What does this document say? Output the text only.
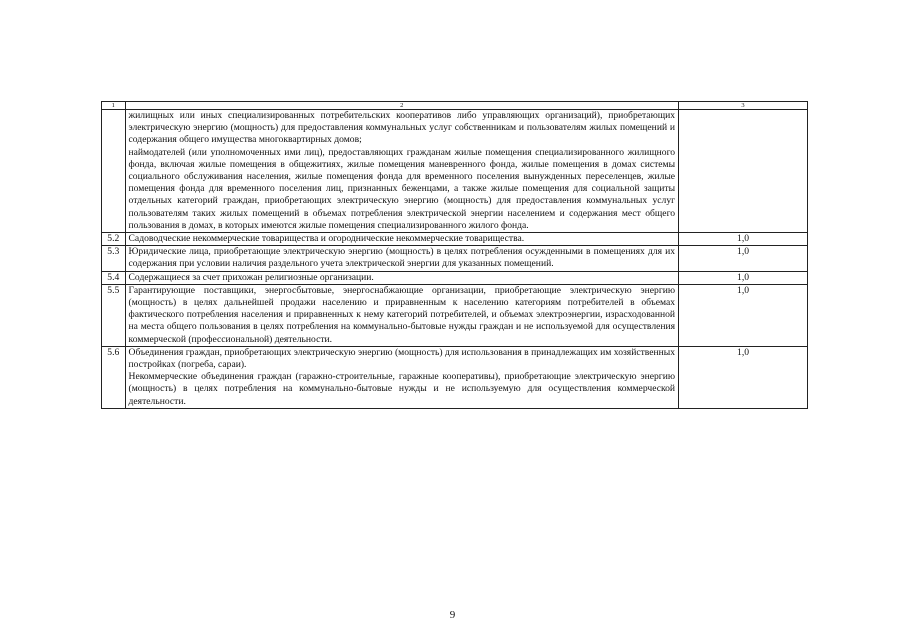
1	2	3

	жилищных или иных специализированных потребительских кооперативов либо управляющих организаций), приобретающих электрическую энергию (мощность) для предоставления коммунальных услуг собственникам и пользователям жилых помещений и содержания общего имущества многоквартирных домов;

наймодателей (или уполномоченных ими лиц), предоставляющих гражданам жилые помещения специализированного жилищного фонда, включая жилые помещения в общежитиях, жилые помещения маневренного фонда, жилые помещения в домах системы социального обслуживания населения, жилые помещения фонда для временного поселения вынужденных переселенцев, жилые помещения фонда для временного поселения лиц, признанных беженцами, а также жилые помещения для социальной защиты отдельных категорий граждан, приобретающих электрическую энергию (мощность) для предоставления коммунальных услуг пользователям таких жилых помещений в объемах потребления электрической энергии населением и содержания мест общего пользования в домах, в которых имеются жилые помещения специализированного жилого фонда.	

5.2	Садоводческие некоммерческие товарищества и огороднические некоммерческие товарищества.	1,0
5.3	Юридические лица, приобретающие электрическую энергию (мощность) в целях потребления осужденными в помещениях для их содержания при условии наличия раздельного учета электрической энергии для указанных помещений.	1,0
5.4	Содержащиеся за счет прихожан религиозные организации.	1,0
5.5	Гарантирующие поставщики, энергосбытовые, энергоснабжающие организации, приобретающие электрическую энергию (мощность) в целях дальнейшей продажи населению и приравненным к населению категориям потребителей в объемах фактического потребления населения и приравненных к нему категорий потребителей, и объемах электроэнергии, израсходованной на места общего пользования в целях потребления на коммунально-бытовые нужды граждан и не используемой для осуществления коммерческой (профессиональной) деятельности.	1,0
5.6	Объединения граждан, приобретающих электрическую энергию (мощность) для использования в принадлежащих им хозяйственных постройках (погреба, сараи).

Некоммерческие объединения граждан (гаражно-строительные, гаражные кооперативы), приобретающие электрическую энергию (мощность) в целях потребления на коммунально-бытовые нужды и не используемую для осуществления коммерческой деятельности.	1,0
9
